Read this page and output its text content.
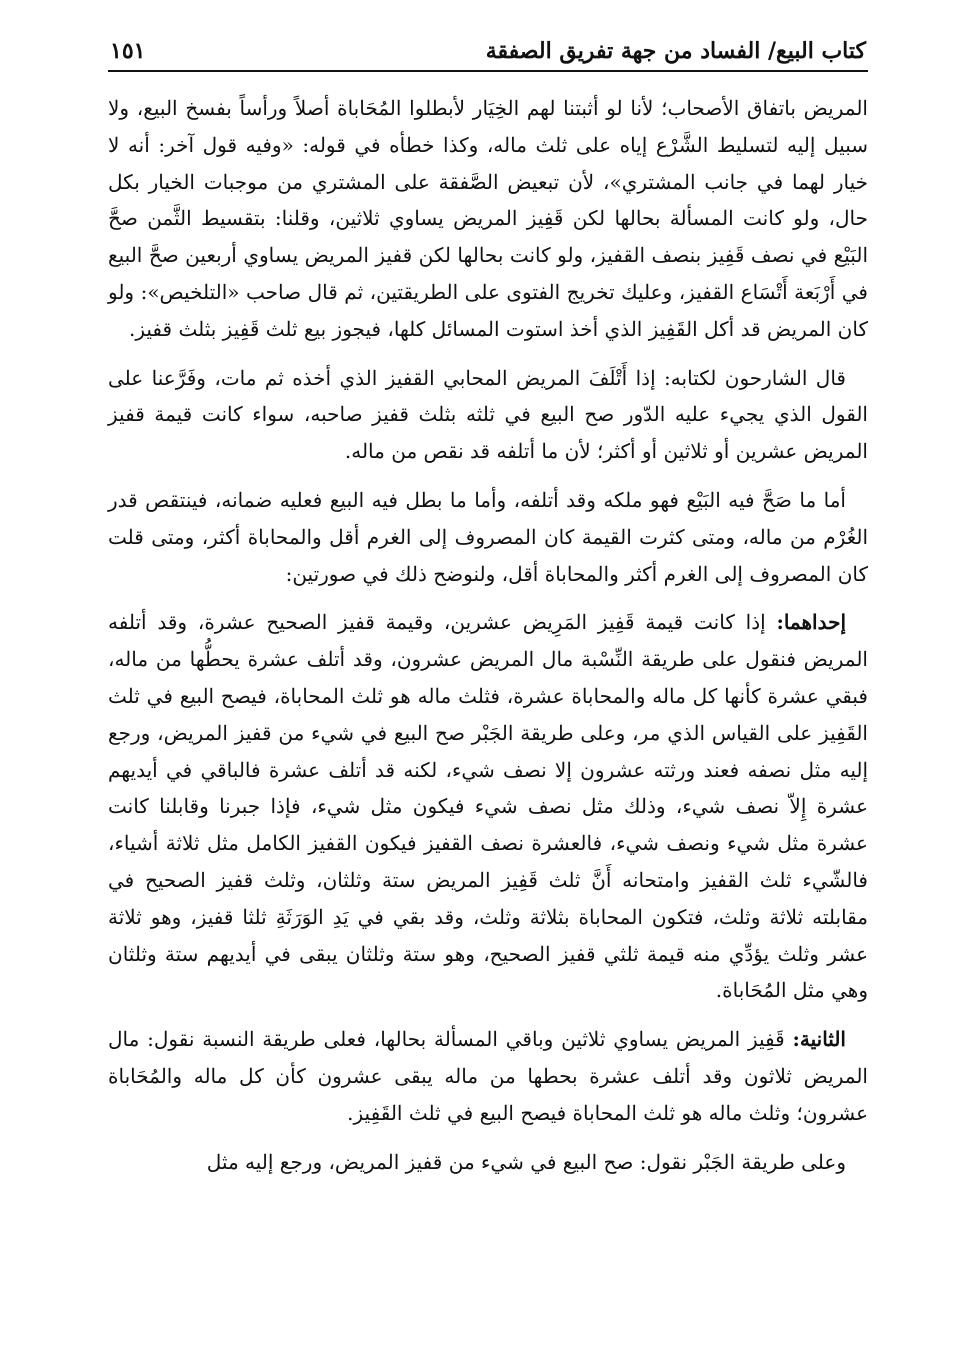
كتاب البيع/ الفساد من جهة تفريق الصفقة
١٥١

المريض باتفاق الأصحاب؛ لأنا لو أثبتنا لهم الخِيَار لأبطلوا المُحَاباة أصلاً ورأساً بفسخ البيع، ولا سبيل إليه لتسليط الشَّرْع إياه على ثلث ماله، وكذا خطأه في قوله: «وفيه قول آخر: أنه لا خيار لهما في جانب المشتري»، لأن تبعيض الصَّفقة على المشتري من موجبات الخيار بكل حال، ولو كانت المسألة بحالها لكن قَفِيز المريض يساوي ثلاثين، وقلنا: بتقسيط الثَّمن صحَّ البَيْع في نصف قَفِيز بنصف القفيز، ولو كانت بحالها لكن قفيز المريض يساوي أربعين صحَّ البيع في أَرْبَعة أَتْسَاع القفيز، وعليك تخريج الفتوى على الطريقتين، ثم قال صاحب «التلخيص»: ولو كان المريض قد أكل القَفِيز الذي أخذ استوت المسائل كلها، فيجوز بيع ثلث قَفِيز بثلث قفيز.

قال الشارحون لكتابه: إذا أَتْلَفَ المريض المحابي القفيز الذي أخذه ثم مات، وفَرَّعنا على القول الذي يجيء عليه الدّور صح البيع في ثلثه بثلث قفيز صاحبه، سواء كانت قيمة قفيز المريض عشرين أو ثلاثين أو أكثر؛ لأن ما أتلفه قد نقص من ماله.

أما ما صَحَّ فيه البَيْع فهو ملكه وقد أتلفه، وأما ما بطل فيه البيع فعليه ضمانه، فينتقص قدر الغُرْم من ماله، ومتى كثرت القيمة كان المصروف إلى الغرم أقل والمحاباة أكثر، ومتى قلت كان المصروف إلى الغرم أكثر والمحاباة أقل، ولنوضح ذلك في صورتين:

إحداهما: إذا كانت قيمة قَفِيز المَرِيض عشرين، وقيمة قفيز الصحيح عشرة، وقد أتلفه المريض فنقول على طريقة النِّسْبة مال المريض عشرون، وقد أتلف عشرة يحطُّها من ماله، فبقي عشرة كأنها كل ماله والمحاباة عشرة، فثلث ماله هو ثلث المحاباة، فيصح البيع في ثلث القَفِيز على القياس الذي مر، وعلى طريقة الجَبْر صح البيع في شيء من قفيز المريض، ورجع إليه مثل نصفه فعند ورثته عشرون إلا نصف شيء، لكنه قد أتلف عشرة فالباقي في أيديهم عشرة إِلاّ نصف شيء، وذلك مثل نصف شيء فيكون مثل شيء، فإذا جبرنا وقابلنا كانت عشرة مثل شيء ونصف شيء، فالعشرة نصف القفيز فيكون القفيز الكامل مثل ثلاثة أشياء، فالشّيء ثلث القفيز وامتحانه أَنَّ ثلث قَفِيز المريض ستة وثلثان، وثلث قفيز الصحيح في مقابلته ثلاثة وثلث، فتكون المحاباة بثلاثة وثلث، وقد بقي في يَدِ الوَرَثَةِ ثلثا قفيز، وهو ثلاثة عشر وثلث يؤدِّي منه قيمة ثلثي قفيز الصحيح، وهو ستة وثلثان يبقى في أيديهم ستة وثلثان وهي مثل المُحَاباة.

الثانية: قَفِيز المريض يساوي ثلاثين وباقي المسألة بحالها، فعلى طريقة النسبة نقول: مال المريض ثلاثون وقد أتلف عشرة بحطها من ماله يبقى عشرون كأن كل ماله والمُحَاباة عشرون؛ وثلث ماله هو ثلث المحاباة فيصح البيع في ثلث القَفِيز.

وعلى طريقة الجَبْر نقول: صح البيع في شيء من قفيز المريض، ورجع إليه مثل
